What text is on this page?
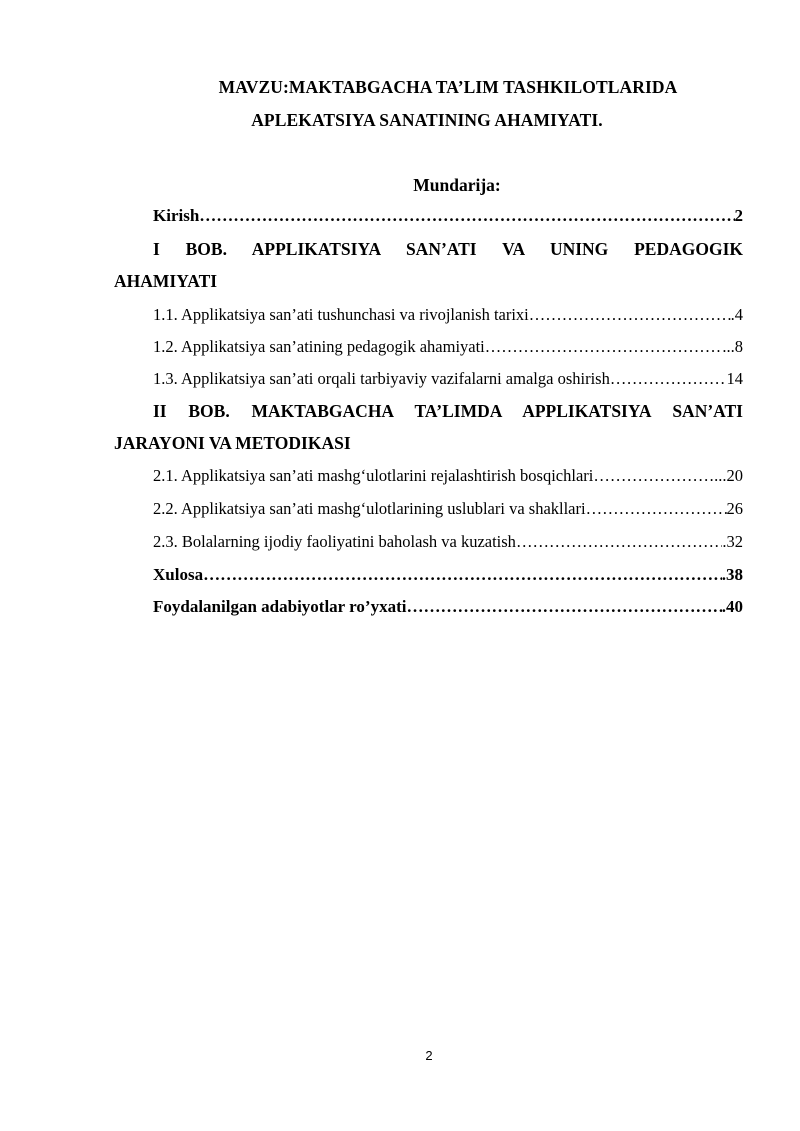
MAVZU:MAKTABGACHA TA’LIM TASHKILOTLARIDA
APLEKATSIYA SANATINING AHAMIYATI.
Mundarija:
Kirish …………………………………………………………………………………………………………………………………………………………………	2
I BOB. APPLIKATSIYA SAN’ATI VA UNING PEDAGOGIK
AHAMIYATI
1.1. Applikatsiya san’ati tushunchasi va rivojlanish tarixi …………………………………………………………………………………………………………………………………………………………………	.4
1.2. Applikatsiya san’atining pedagogik ahamiyati …………………………………………………………………………………………………………………………………………………………………	...8
1.3. Applikatsiya san’ati orqali tarbiyaviy vazifalarni amalga oshirish …………………………………………………………………………………………………………………………………………………………………	14
II BOB. MAKTABGACHA TA’LIMDA APPLIKATSIYA SAN’ATI
JARAYONI VA METODIKASI
2.1. Applikatsiya san’ati mashg‘ulotlarini rejalashtirish bosqichlari …………………………………………………………………………………………………………………………………………………………………	...20
2.2. Applikatsiya san’ati mashg‘ulotlarining uslublari va shakllari …………………………………………………………………………………………………………………………………………………………………	26
2.3. Bolalarning ijodiy faoliyatini baholash va kuzatish …………………………………………………………………………………………………………………………………………………………………	.32
Xulosa …………………………………………………………………………………………………………………………………………………………………	.38
Foydalanilgan adabiyotlar ro’yxati …………………………………………………………………………………………………………………………………………………………………	.40
2
